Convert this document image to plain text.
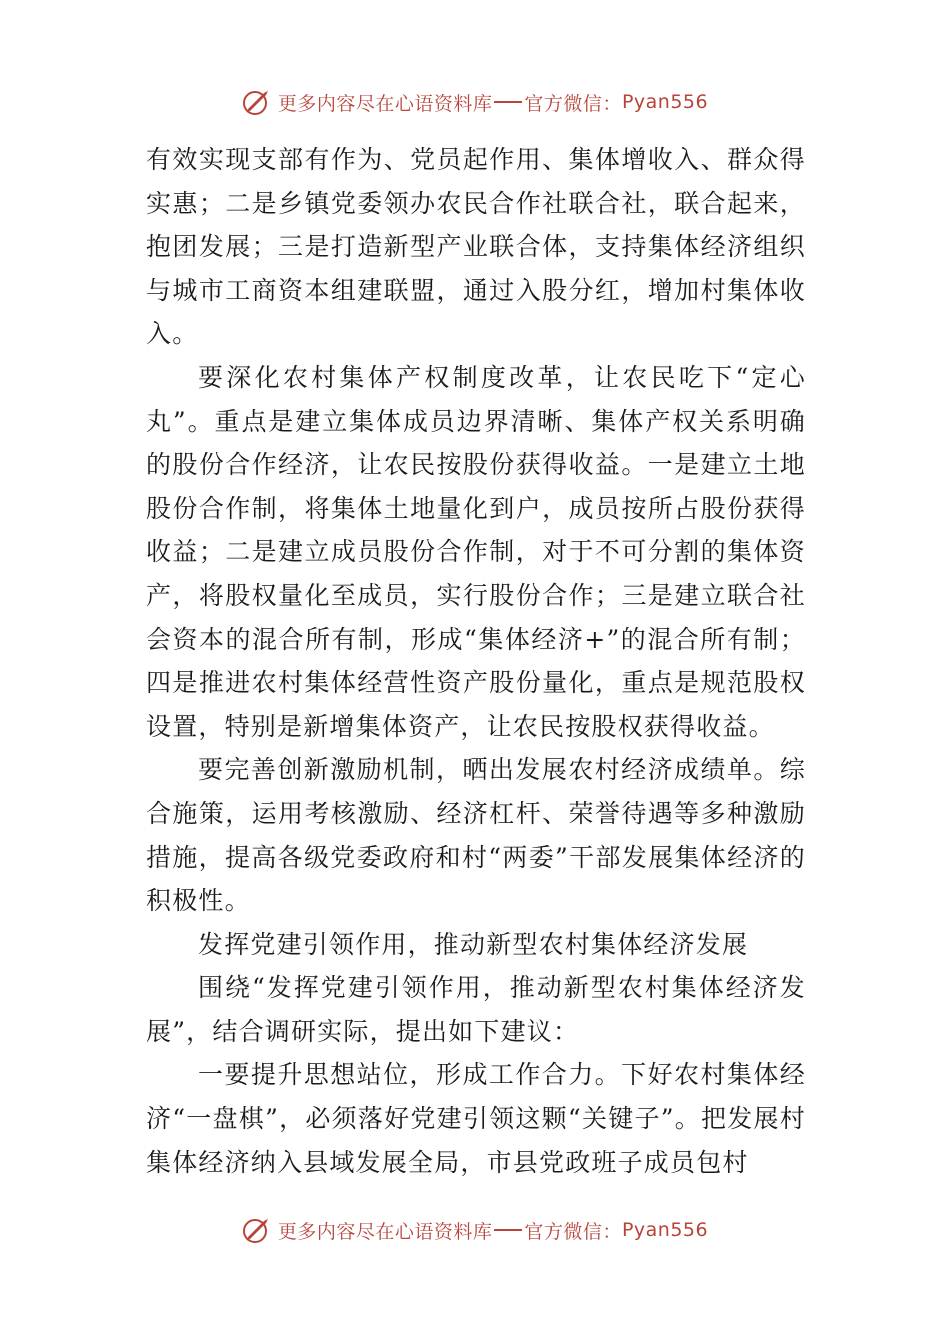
更多内容尽在心语资料库 官方微信： Pyan556

有效实现支部有作为、党员起作用、集体增收入、群众得实惠；二是乡镇党委领办农民合作社联合社，联合起来，抱团发展；三是打造新型产业联合体，支持集体经济组织与城市工商资本组建联盟，通过入股分红，增加村集体收入。

要深化农村集体产权制度改革，让农民吃下“定心丸”。重点是建立集体成员边界清晰、集体产权关系明确的股份合作经济，让农民按股份获得收益。一是建立土地股份合作制，将集体土地量化到户，成员按所占股份获得收益；二是建立成员股份合作制，对于不可分割的集体资产，将股权量化至成员，实行股份合作；三是建立联合社会资本的混合所有制，形成“集体经济+”的混合所有制；四是推进农村集体经营性资产股份量化，重点是规范股权设置，特别是新增集体资产，让农民按股权获得收益。

要完善创新激励机制，晒出发展农村经济成绩单。综合施策，运用考核激励、经济杠杆、荣誉待遇等多种激励措施，提高各级党委政府和村“两委”干部发展集体经济的积极性。

发挥党建引领作用，推动新型农村集体经济发展

围绕“发挥党建引领作用，推动新型农村集体经济发展”，结合调研实际，提出如下建议：

一要提升思想站位，形成工作合力。下好农村集体经济“一盘棋”，必须落好党建引领这颗“关键子”。把发展村集体经济纳入县域发展全局，市县党政班子成员包村

更多内容尽在心语资料库 官方微信： Pyan556
